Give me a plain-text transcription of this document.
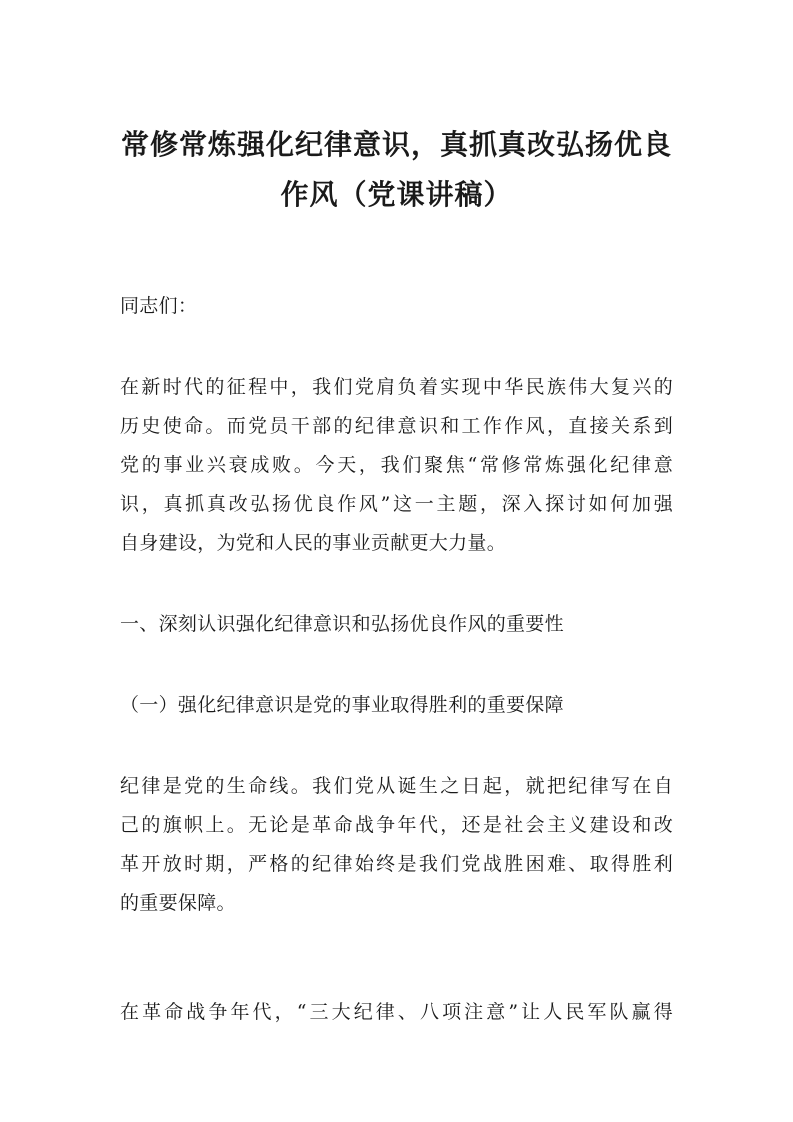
常修常炼强化纪律意识，真抓真改弘扬优良
作风（党课讲稿）
同志们：
在新时代的征程中，我们党肩负着实现中华民族伟大复兴的
历史使命。而党员干部的纪律意识和工作作风，直接关系到
党的事业兴衰成败。今天，我们聚焦“常修常炼强化纪律意
识，真抓真改弘扬优良作风”这一主题，深入探讨如何加强
自身建设，为党和人民的事业贡献更大力量。
一、深刻认识强化纪律意识和弘扬优良作风的重要性
（一）强化纪律意识是党的事业取得胜利的重要保障
纪律是党的生命线。我们党从诞生之日起，就把纪律写在自
己的旗帜上。无论是革命战争年代，还是社会主义建设和改
革开放时期，严格的纪律始终是我们党战胜困难、取得胜利
的重要保障。
在革命战争年代，“三大纪律、八项注意”让人民军队赢得
